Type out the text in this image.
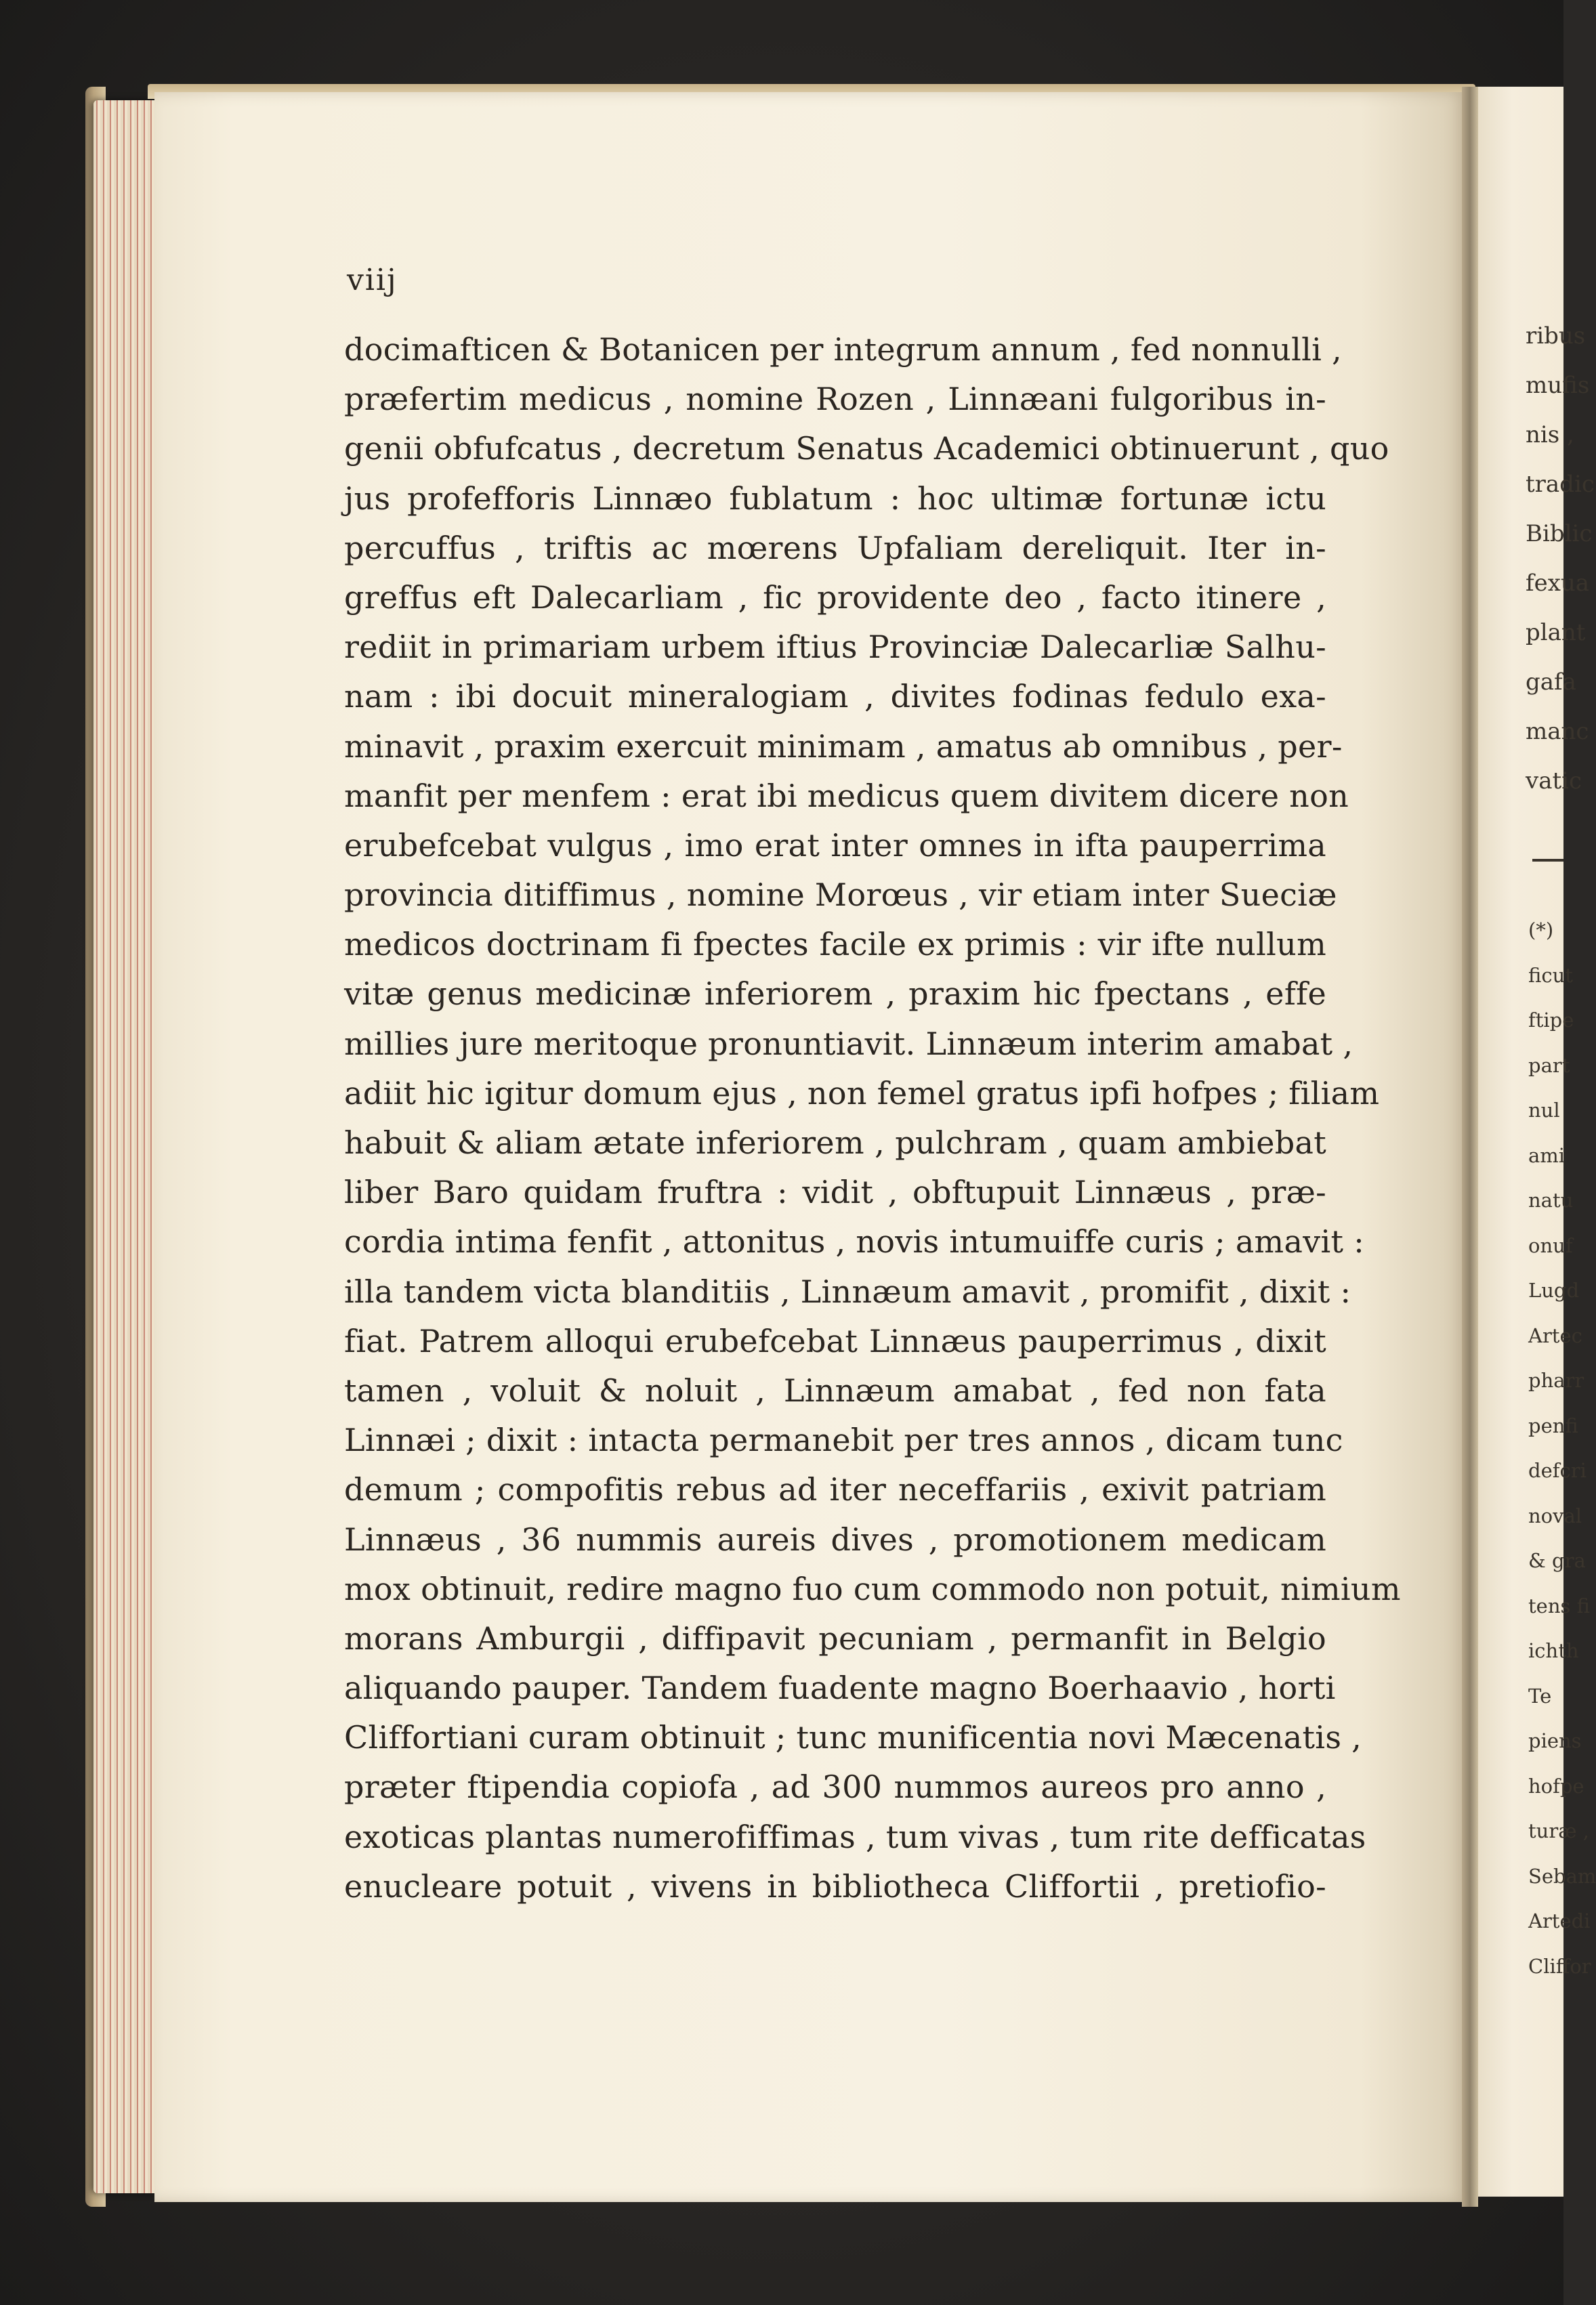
viij
docimafticen & Botanicen per integrum annum , fed nonnulli ,
præfertim medicus , nomine Rozen , Linnæani fulgoribus in-
genii obfufcatus , decretum Senatus Academici obtinuerunt , quo
jus profefforis Linnæo fublatum : hoc ultimæ fortunæ ictu
percuffus , triftis ac mœrens Upfaliam dereliquit. Iter in-
greffus eft Dalecarliam , fic providente deo , facto itinere ,
rediit in primariam urbem iftius Provinciæ Dalecarliæ Salhu-
nam : ibi docuit mineralogiam , divites fodinas fedulo exa-
minavit , praxim exercuit minimam , amatus ab omnibus , per-
manfit per menfem : erat ibi medicus quem divitem dicere non
erubefcebat vulgus , imo erat inter omnes in ifta pauperrima
provincia ditiffimus , nomine Morœus , vir etiam inter Sueciæ
medicos doctrinam fi fpectes facile ex primis : vir ifte nullum
vitæ genus medicinæ inferiorem , praxim hic fpectans , effe
millies jure meritoque pronuntiavit. Linnæum interim amabat ,
adiit hic igitur domum ejus , non femel gratus ipfi hofpes ; filiam
habuit & aliam ætate inferiorem , pulchram , quam ambiebat
liber Baro quidam fruftra : vidit , obftupuit Linnæus , præ-
cordia intima fenfit , attonitus , novis intumuiffe curis ; amavit :
illa tandem victa blanditiis , Linnæum amavit , promifit , dixit :
fiat. Patrem alloqui erubefcebat Linnæus pauperrimus , dixit
tamen , voluit & noluit , Linnæum amabat , fed non fata
Linnæi ; dixit : intacta permanebit per tres annos , dicam tunc
demum ; compofitis rebus ad iter neceffariis , exivit patriam
Linnæus , 36 nummis aureis dives , promotionem medicam
mox obtinuit, redire magno fuo cum commodo non potuit, nimium
morans Amburgii , diffipavit pecuniam , permanfit in Belgio
aliquando pauper. Tandem fuadente magno Boerhaavio , horti
Cliffortiani curam obtinuit ; tunc munificentia novi Mæcenatis ,
præter ftipendia copiofa , ad 300 nummos aureos pro anno ,
exoticas plantas numerofiffimas , tum vivas , tum rite defficatas
enucleare potuit , vivens in bibliotheca Cliffortii , pretiofio-
ribus
mufis
nis ,
tradic
Biblic
fexua
plant
gafa
manc
vatic
(*)
ficut
ftipe
part
nul
ami
natu
onuf
Lugd
Artec
pharr
penfi
defcri
noval
& gra
tens fi
ichth
Te
piens
hofpe
turæ ,
Sebam
Artedi
Cliffor
